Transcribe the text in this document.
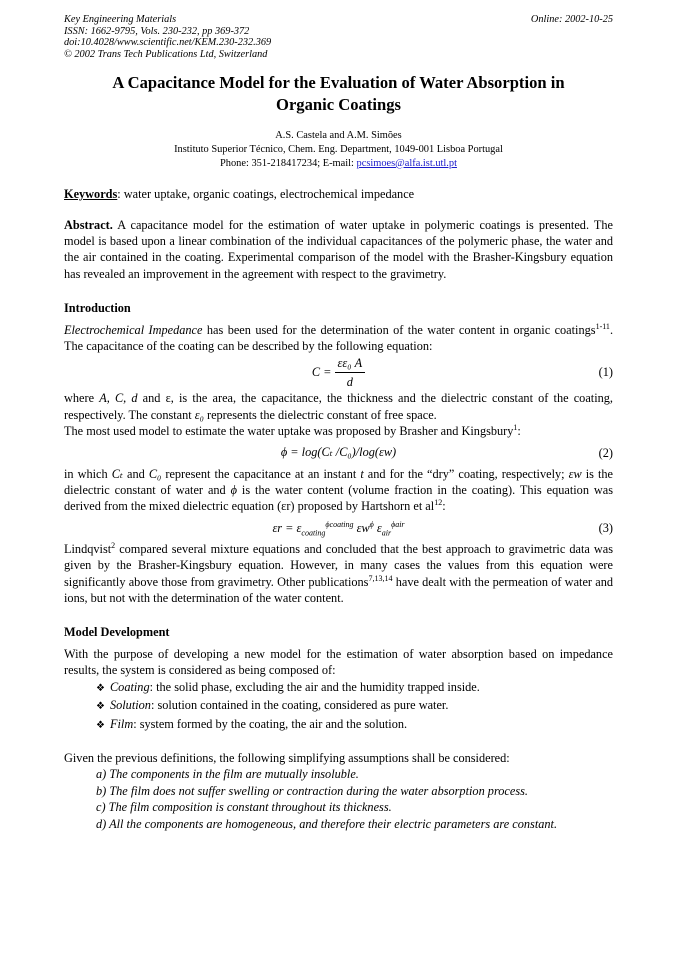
Key Engineering Materials
ISSN: 1662-9795, Vols. 230-232, pp 369-372
doi:10.4028/www.scientific.net/KEM.230-232.369
© 2002 Trans Tech Publications Ltd, Switzerland
Online: 2002-10-25
A Capacitance Model for the Evaluation of Water Absorption in
Organic Coatings
A.S. Castela and A.M. Simões
Instituto Superior Técnico, Chem. Eng. Department, 1049-001 Lisboa Portugal
Phone: 351-218417234; E-mail: pcsimoes@alfa.ist.utl.pt
Keywords: water uptake, organic coatings, electrochemical impedance
Abstract. A capacitance model for the estimation of water uptake in polymeric coatings is presented. The model is based upon a linear combination of the individual capacitances of the polymeric phase, the water and the air contained in the coating. Experimental comparison of the model with the Brasher-Kingsbury equation has revealed an improvement in the agreement with respect to the gravimetry.
Introduction
Electrochemical Impedance has been used for the determination of the water content in organic coatings$^{1-11}$. The capacitance of the coating can be described by the following equation:
C =
$\frac{\text{εε₀ A}}{d}$	(1)
where A, C, d and ε, is the area, the capacitance, the thickness and the dielectric constant of the coating, respectively. The constant ε₀ represents the dielectric constant of free space.
The most used model to estimate the water uptake was proposed by Brasher and Kingsbury$^1$:
ϕ = log(Cₜ /C₀)/log(εw)	(2)
in which Cₜ and C₀ represent the capacitance at an instant t and for the “dry” coating, respectively; εw is the dielectric constant of water and ϕ is the water content (volume fraction in the coating). This equation was derived from the mixed dielectric equation (εr) proposed by Hartshorn et $al^{12}$:
$\varepsilon r = \varepsilon_{coating}^{\phi coating}$ $\varepsilon w^\phi$ $\varepsilon_{air}^{\phi air}$	(3)
Lindqvist$^2$ compared several mixture equations and concluded that the best approach to gravimetric data was given by the Brasher-Kingsbury equation. However, in many cases the values from this equation were significantly above those from gravimetry. Other publications$^{7,13,14}$ have dealt with the permeation of water and ions, but not with the determination of the water content.
Model Development
With the purpose of developing a new model for the estimation of water absorption based on impedance results, the system is considered as being composed of:
❖ Coating: the solid phase, excluding the air and the humidity trapped inside.
❖ Solution: solution contained in the coating, considered as pure water.
❖ Film: system formed by the coating, the air and the solution.
Given the previous definitions, the following simplifying assumptions shall be considered:
a) The components in the film are mutually insoluble.
b) The film does not suffer swelling or contraction during the water absorption process.
c) The film composition is constant throughout its thickness.
d) All the components are homogeneous, and therefore their electric parameters are constant.
